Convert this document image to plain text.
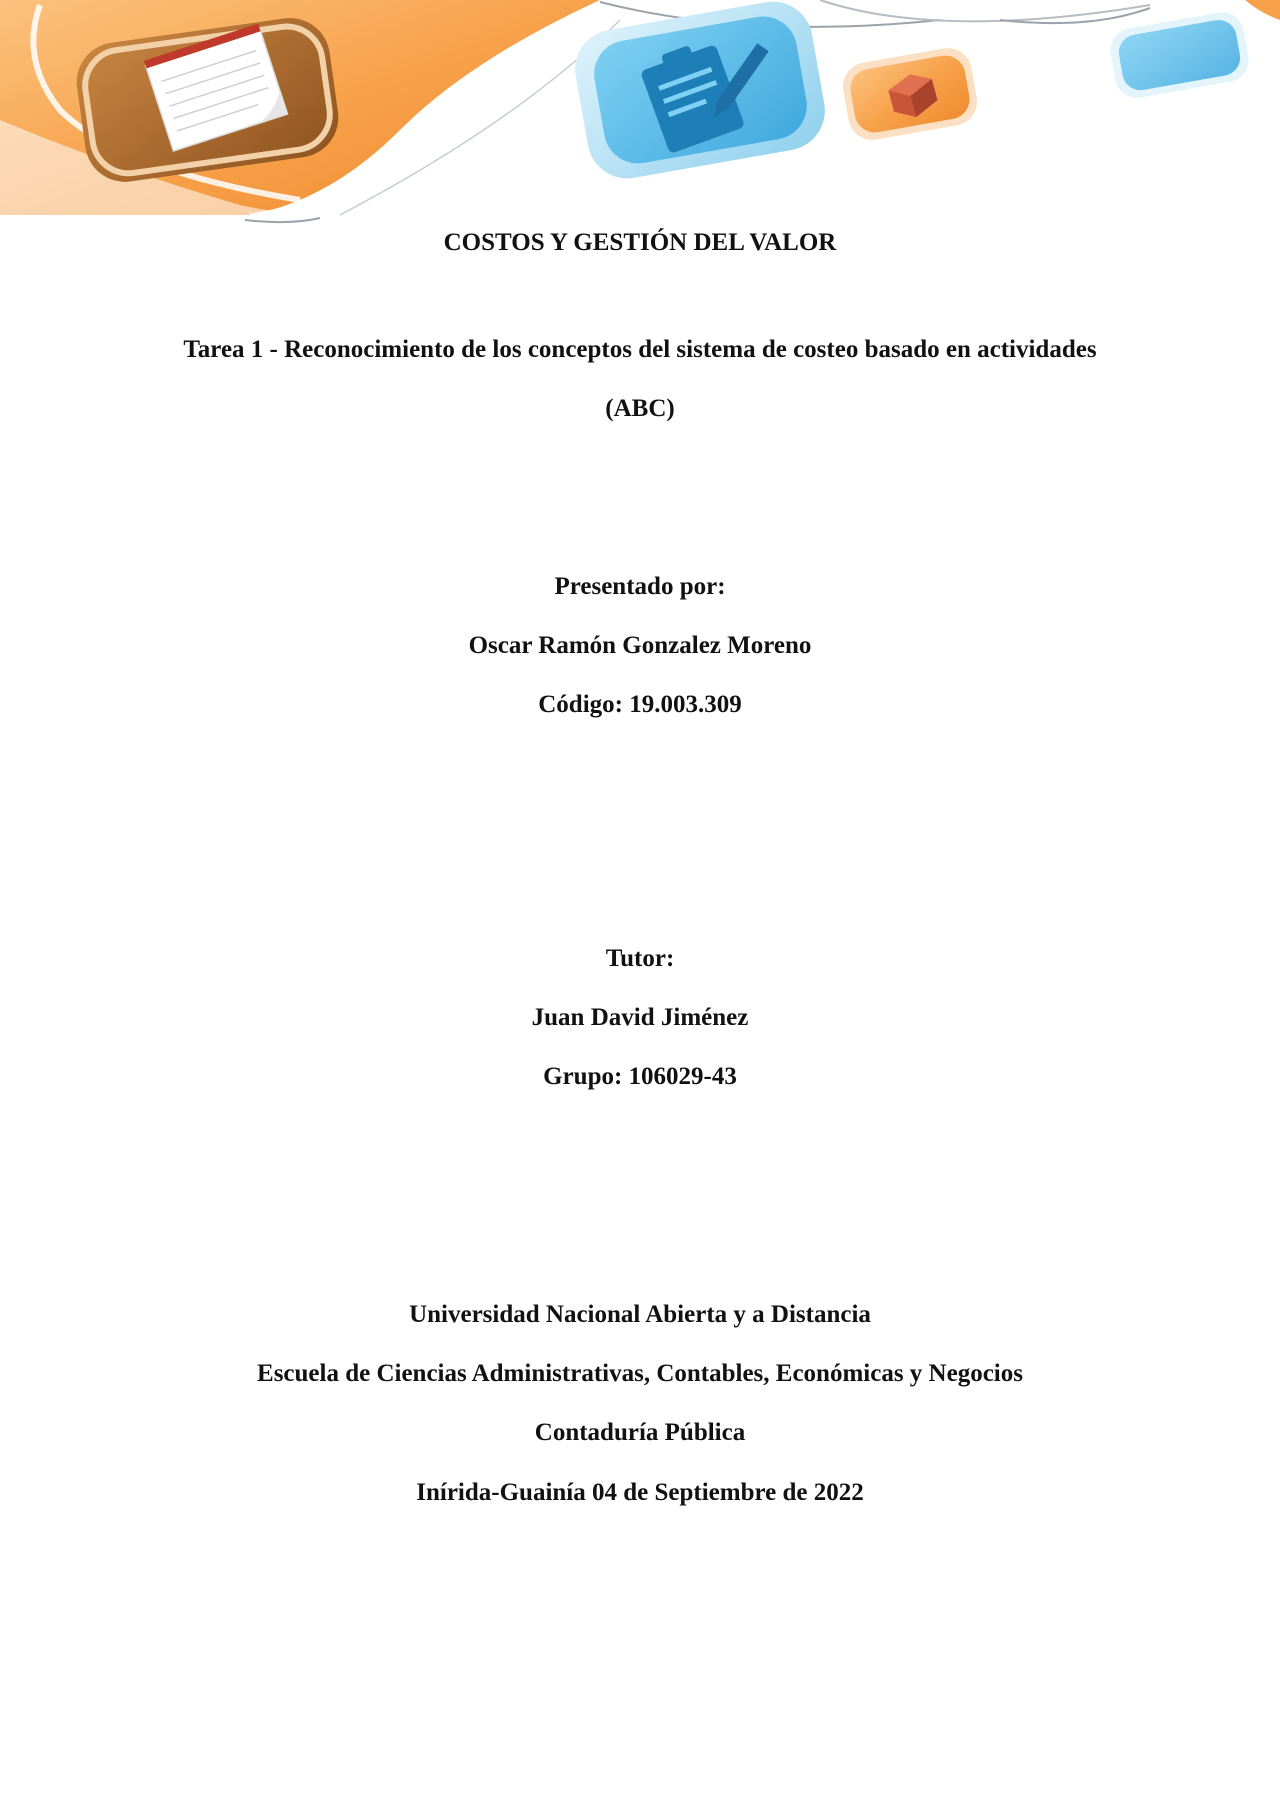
COSTOS Y GESTIÓN DEL VALOR
Tarea 1 - Reconocimiento de los conceptos del sistema de costeo basado en actividades
(ABC)
Presentado por:
Oscar Ramón Gonzalez Moreno
Código: 19.003.309
Tutor:
Juan David Jiménez
Grupo: 106029-43
Universidad Nacional Abierta y a Distancia
Escuela de Ciencias Administrativas, Contables, Económicas y Negocios
Contaduría Pública
Inírida-Guainía 04 de Septiembre de 2022
